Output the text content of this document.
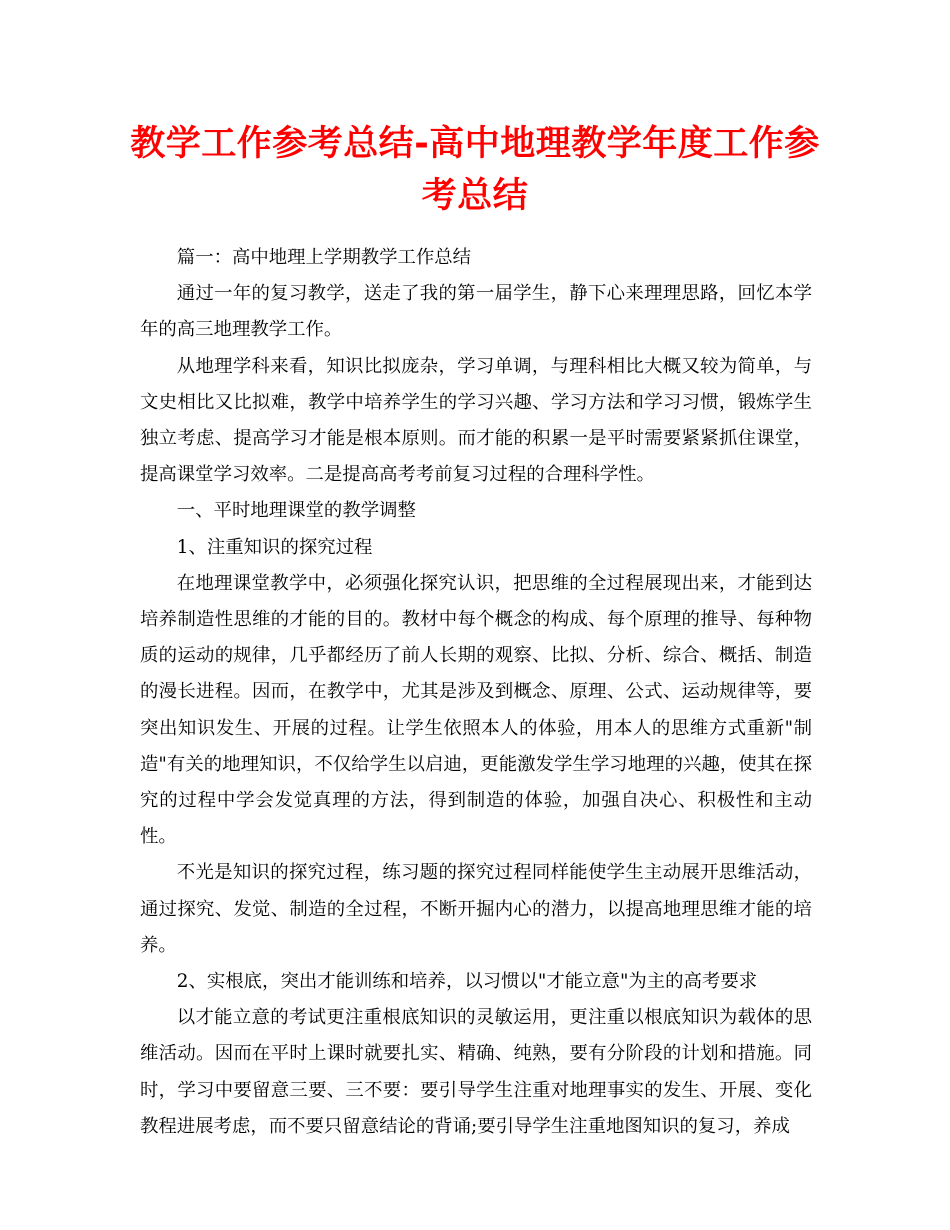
教学工作参考总结-高中地理教学年度工作参考总结

篇一：高中地理上学期教学工作总结

通过一年的复习教学，送走了我的第一届学生，静下心来理理思路，回忆本学年的高三地理教学工作。

从地理学科来看，知识比拟庞杂，学习单调，与理科相比大概又较为简单，与文史相比又比拟难，教学中培养学生的学习兴趣、学习方法和学习习惯，锻炼学生独立考虑、提高学习才能是根本原则。而才能的积累一是平时需要紧紧抓住课堂，提高课堂学习效率。二是提高高考考前复习过程的合理科学性。

一、平时地理课堂的教学调整

1、注重知识的探究过程

在地理课堂教学中，必须强化探究认识，把思维的全过程展现出来，才能到达培养制造性思维的才能的目的。教材中每个概念的构成、每个原理的推导、每种物质的运动的规律，几乎都经历了前人长期的观察、比拟、分析、综合、概括、制造的漫长进程。因而，在教学中，尤其是涉及到概念、原理、公式、运动规律等，要突出知识发生、开展的过程。让学生依照本人的体验，用本人的思维方式重新"制造"有关的地理知识，不仅给学生以启迪，更能激发学生学习地理的兴趣，使其在探究的过程中学会发觉真理的方法，得到制造的体验，加强自决心、积极性和主动性。

不光是知识的探究过程，练习题的探究过程同样能使学生主动展开思维活动，通过探究、发觉、制造的全过程，不断开掘内心的潜力，以提高地理思维才能的培养。

2、实根底，突出才能训练和培养，以习惯以"才能立意"为主的高考要求

以才能立意的考试更注重根底知识的灵敏运用，更注重以根底知识为载体的思维活动。因而在平时上课时就要扎实、精确、纯熟，要有分阶段的计划和措施。同时，学习中要留意三要、三不要：要引导学生注重对地理事实的发生、开展、变化教程进展考虑，而不要只留意结论的背诵;要引导学生注重地图知识的复习，养成
